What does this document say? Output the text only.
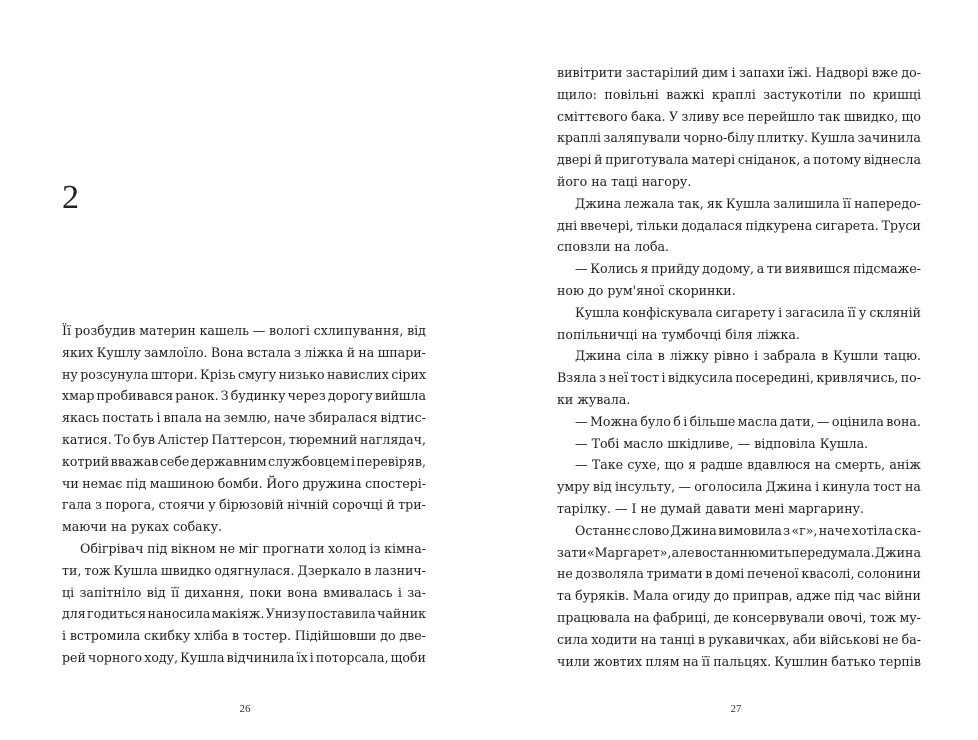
2
Її розбудив материн кашель — вологі схлипування, від
яких Кушлу замлоїло. Вона встала з ліжка й на шпари-
ну розсунула штори. Крізь смугу низько навислих сірих
хмар пробивався ранок. З будинку через дорогу вийшла
якась постать і впала на землю, наче збиралася відтис-
катися. То був Алістер Паттерсон, тюремний наглядач,
котрий вважав себе державним службовцем і перевіряв,
чи немає під машиною бомби. Його дружина спостері-
гала з порога, стоячи у бірюзовій нічній сорочці й три-
маючи на руках собаку.
Обігрівач під вікном не міг прогнати холод із кімна-
ти, тож Кушла швидко одягнулася. Дзеркало в лазнич-
ці запітніло від її дихання, поки вона вмивалась і за-
для годиться наносила макіяж. Унизу поставила чайник
і встромила скибку хліба в тостер. Підійшовши до две-
рей чорного ходу, Кушла відчинила їх і поторсала, щоби
26
вивітрити застарілий дим і запахи їжі. Надворі вже до-
щило: повільні важкі краплі застукотіли по кришці
сміттєвого бака. У зливу все перейшло так швидко, що
краплі заляпували чорно-білу плитку. Кушла зачинила
двері й приготувала матері сніданок, а потому віднесла
його на таці нагору.
Джина лежала так, як Кушла залишила її напередо-
дні ввечері, тільки додалася підкурена сигарета. Труси
сповзли на лоба.
— Колись я прийду додому, а ти виявишся підсмаже-
ною до рум'яної скоринки.
Кушла конфіскувала сигарету і загасила її у скляній
попільничці на тумбочці біля ліжка.
Джина сіла в ліжку рівно і забрала в Кушли тацю.
Взяла з неї тост і відкусила посередині, кривлячись, по-
ки жувала.
— Можна було б і більше масла дати, — оцінила вона.
— Тобі масло шкідливе, — відповіла Кушла.
— Таке сухе, що я радше вдавлюся на смерть, аніж
умру від інсульту, — оголосила Джина і кинула тост на
тарілку. — І не думай давати мені маргарину.
Останнє слово Джина вимовила з «г», наче хотіла ска-
зати «Маргарет», але в останню мить передумала. Джина
не дозволяла тримати в домі печеної квасолі, солонини
та буряків. Мала огиду до приправ, адже під час війни
працювала на фабриці, де консервували овочі, тож му-
сила ходити на танці в рукавичках, аби військові не ба-
чили жовтих плям на її пальцях. Кушлин батько терпів
27
